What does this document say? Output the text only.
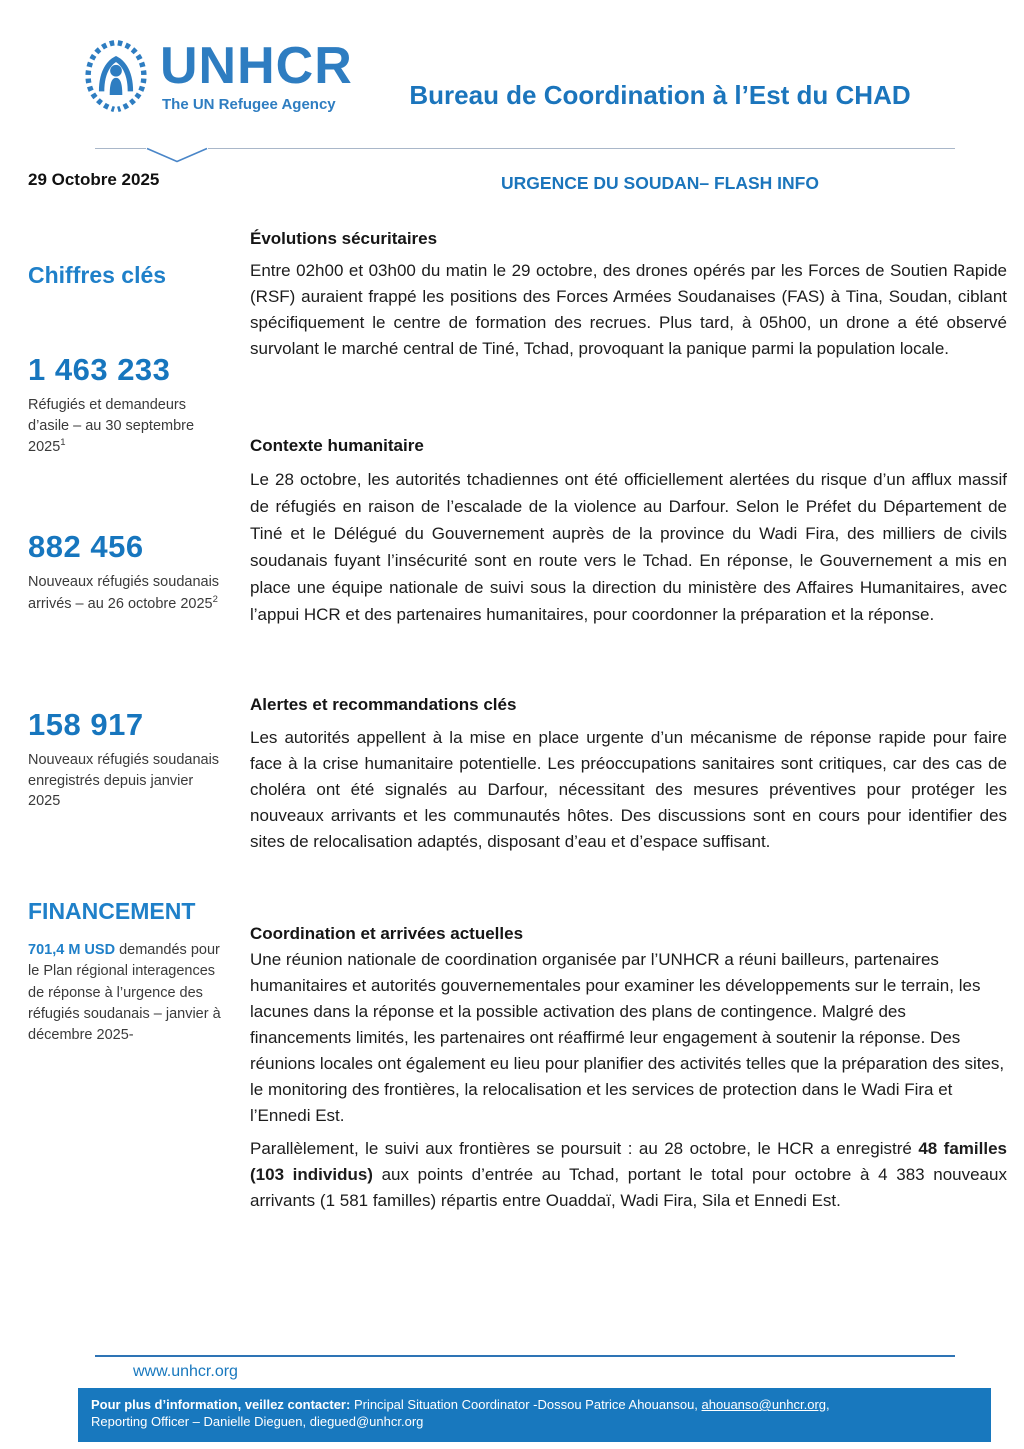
UNHCR
The UN Refugee Agency	Bureau de Coordination à l’Est du CHAD
29 Octobre 2025	URGENCE DU SOUDAN– FLASH INFO
Chiffres clés
1 463 233
Réfugiés et demandeurs d’asile – au 30 septembre 2025$^1$
882 456
Nouveaux réfugiés soudanais arrivés – au 26 octobre 2025$^2$
158 917
Nouveaux réfugiés soudanais enregistrés depuis janvier 2025
FINANCEMENT
701,4 M USD demandés pour le Plan régional interagences de réponse à l’urgence des réfugiés soudanais – janvier à décembre 2025-
Évolutions sécuritaires

Entre 02h00 et 03h00 du matin le 29 octobre, des drones opérés par les Forces de Soutien Rapide (RSF) auraient frappé les positions des Forces Armées Soudanaises (FAS) à Tina, Soudan, ciblant spécifiquement le centre de formation des recrues. Plus tard, à 05h00, un drone a été observé survolant le marché central de Tiné, Tchad, provoquant la panique parmi la population locale.

Contexte humanitaire

Le 28 octobre, les autorités tchadiennes ont été officiellement alertées du risque d’un afflux massif de réfugiés en raison de l’escalade de la violence au Darfour. Selon le Préfet du Département de Tiné et le Délégué du Gouvernement auprès de la province du Wadi Fira, des milliers de civils soudanais fuyant l’insécurité sont en route vers le Tchad. En réponse, le Gouvernement a mis en place une équipe nationale de suivi sous la direction du ministère des Affaires Humanitaires, avec l’appui HCR et des partenaires humanitaires, pour coordonner la préparation et la réponse.

Alertes et recommandations clés

Les autorités appellent à la mise en place urgente d’un mécanisme de réponse rapide pour faire face à la crise humanitaire potentielle. Les préoccupations sanitaires sont critiques, car des cas de choléra ont été signalés au Darfour, nécessitant des mesures préventives pour protéger les nouveaux arrivants et les communautés hôtes. Des discussions sont en cours pour identifier des sites de relocalisation adaptés, disposant d’eau et d’espace suffisant.

Coordination et arrivées actuelles

Une réunion nationale de coordination organisée par l’UNHCR a réuni bailleurs, partenaires humanitaires et autorités gouvernementales pour examiner les développements sur le terrain, les lacunes dans la réponse et la possible activation des plans de contingence. Malgré des financements limités, les partenaires ont réaffirmé leur engagement à soutenir la réponse. Des réunions locales ont également eu lieu pour planifier des activités telles que la préparation des sites, le monitoring des frontières, la relocalisation et les services de protection dans le Wadi Fira et l’Ennedi Est.

Parallèlement, le suivi aux frontières se poursuit : au 28 octobre, le HCR a enregistré 48 familles (103 individus) aux points d’entrée au Tchad, portant le total pour octobre à 4 383 nouveaux arrivants (1 581 familles) répartis entre Ouaddaï, Wadi Fira, Sila et Ennedi Est.

www.unhcr.org
Pour plus d’information, veillez contacter: Principal Situation Coordinator -Dossou Patrice Ahouansou, ahouanso@unhcr.org,
Reporting Officer – Danielle Dieguen, diegued@unhcr.org
